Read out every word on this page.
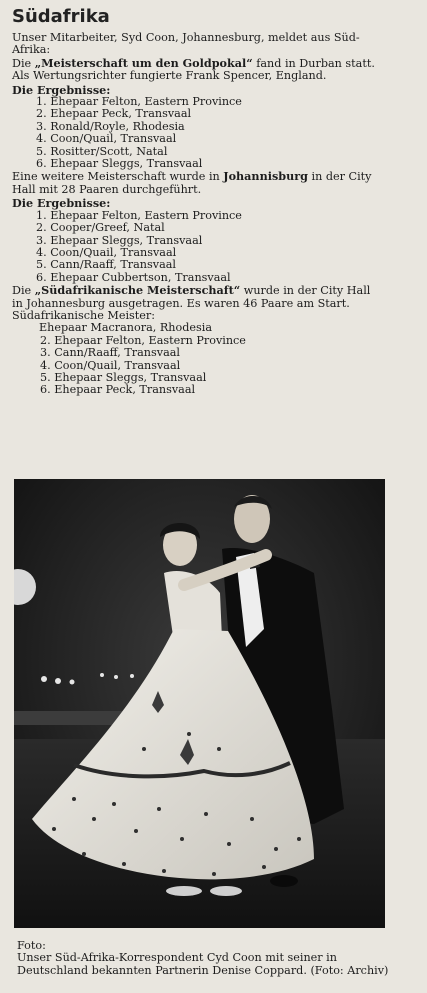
Südafrika

Unser Mitarbeiter, Syd Coon, Johannesburg, meldet aus Süd-Afrika:

Die „Meisterschaft um den Goldpokal“ fand in Durban statt. Als Wertungsrichter fungierte Frank Spencer, England.

Die Ergebnisse:

1. Ehepaar Felton, Eastern Province
2. Ehepaar Peck, Transvaal
3. Ronald/Royle, Rhodesia
4. Coon/Quail, Transvaal
5. Rositter/Scott, Natal
6. Ehepaar Sleggs, Transvaal

Eine weitere Meisterschaft wurde in Johannisburg in der City Hall mit 28 Paaren durchgeführt.

Die Ergebnisse:

1. Ehepaar Felton, Eastern Province
2. Cooper/Greef, Natal
3. Ehepaar Sleggs, Transvaal
4. Coon/Quail, Transvaal
5. Cann/Raaff, Transvaal
6. Ehepaar Cubbertson, Transvaal

Die „Südafrikanische Meisterschaft“ wurde in der City Hall in Johannesburg ausgetragen. Es waren 46 Paare am Start.

Südafrikanische Meister:

Ehepaar Macranora, Rhodesia
2. Ehepaar Felton, Eastern Province
3. Cann/Raaff, Transvaal
4. Coon/Quail, Transvaal
5. Ehepaar Sleggs, Transvaal
6. Ehepaar Peck, Transvaal
Foto:
Unser Süd-Afrika-Korrespondent Cyd Coon mit seiner in Deutschland bekannten Partnerin Denise Coppard. (Foto: Archiv)
